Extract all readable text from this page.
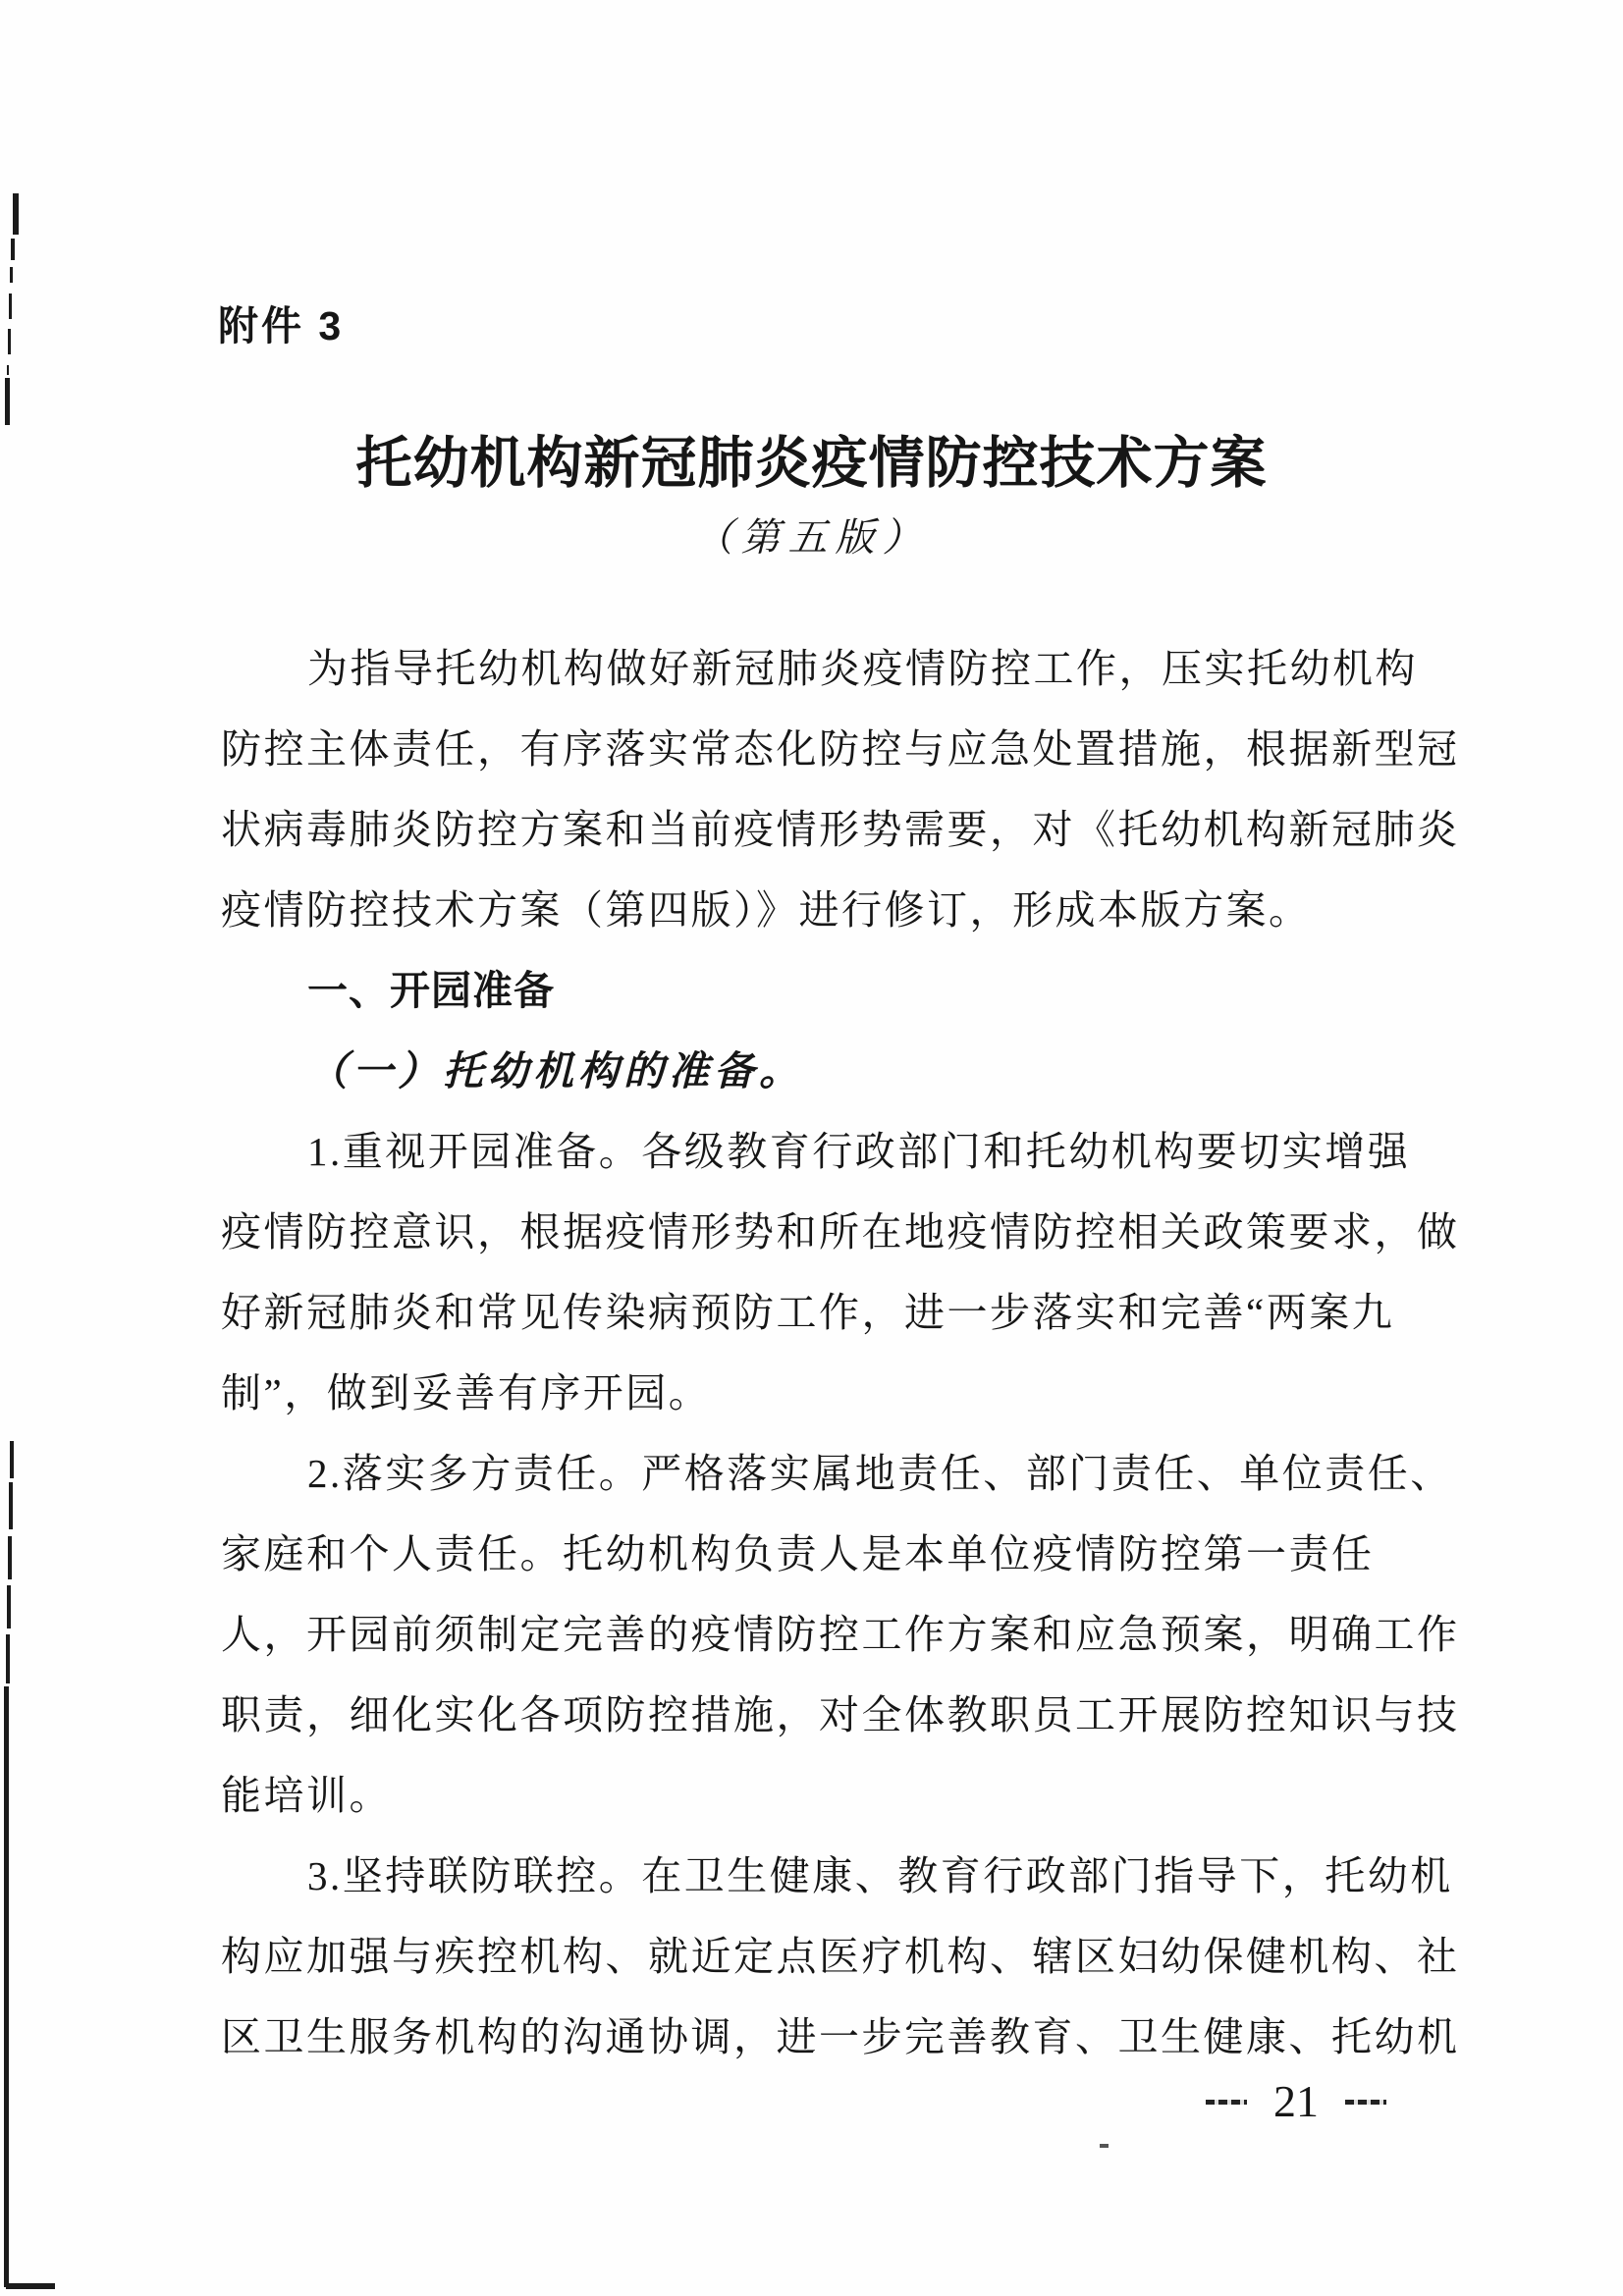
附件 3
托幼机构新冠肺炎疫情防控技术方案
（第五版）
为指导托幼机构做好新冠肺炎疫情防控工作，压实托幼机构
防控主体责任，有序落实常态化防控与应急处置措施，根据新型冠
状病毒肺炎防控方案和当前疫情形势需要，对《托幼机构新冠肺炎
疫情防控技术方案（第四版）》进行修订，形成本版方案。
一、开园准备
（一）托幼机构的准备。
1.重视开园准备。各级教育行政部门和托幼机构要切实增强
疫情防控意识，根据疫情形势和所在地疫情防控相关政策要求，做
好新冠肺炎和常见传染病预防工作，进一步落实和完善“两案九
制”，做到妥善有序开园。
2.落实多方责任。严格落实属地责任、部门责任、单位责任、
家庭和个人责任。托幼机构负责人是本单位疫情防控第一责任
人，开园前须制定完善的疫情防控工作方案和应急预案，明确工作
职责，细化实化各项防控措施，对全体教职员工开展防控知识与技
能培训。
3.坚持联防联控。在卫生健康、教育行政部门指导下，托幼机
构应加强与疾控机构、就近定点医疗机构、辖区妇幼保健机构、社
区卫生服务机构的沟通协调，进一步完善教育、卫生健康、托幼机
21
